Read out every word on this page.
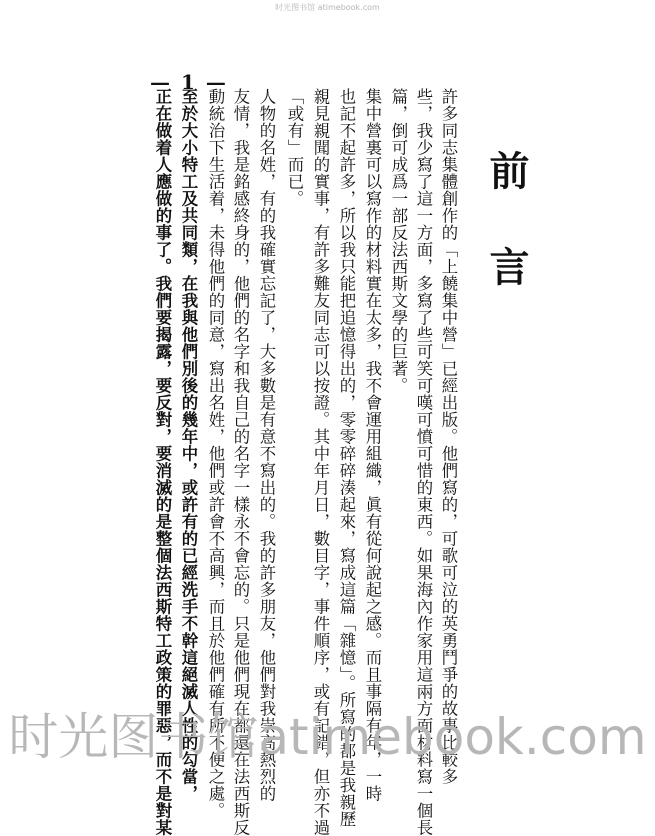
时光图书馆 atimebook.com
— 1 —
前言
許多同志集體創作的「上饒集中營」已經出版。他們寫的，可歌可泣的英勇鬥爭的故事比較多
些，我少寫了這一方面，多寫了些可笑可嘆可憤可惜的東西。如果海內作家用這兩方面材料寫一個長
篇，倒可成爲一部反法西斯文學的巨著。
集中營裏可以寫作的材料實在太多，我不會運用組織，眞有從何說起之感。而且事隔有年，一時
也記不起許多，所以我只能把追憶得出的，零零碎碎湊起來，寫成這篇「雜憶」。所寫的都是我親歷
親見親聞的實事，有許多難友同志可以按證。其中年月日，數目字，事件順序，或有記錯，但亦不過
「或有」而已。
人物的名姓，有的我確實忘記了，大多數是有意不寫出的。我的許多朋友，他們對我崇高熱烈的
友情，我是銘感終身的，他們的名字和我自己的名字一樣永不會忘的。只是他們現在都還在法西斯反
動統治下生活着，未得他們的同意，寫出名姓，他們或許會不高興，而且於他們確有所不便之處。
至於大小特工及共同類，在我與他們別後的幾年中，或許有的已經洗手不幹這絕滅人性的勾當，
正在做着人應做的事了。我們要揭露，要反對，要消滅的是整個法西斯特工政策的罪惡，而不是對某
时光图书馆atimebook.com
